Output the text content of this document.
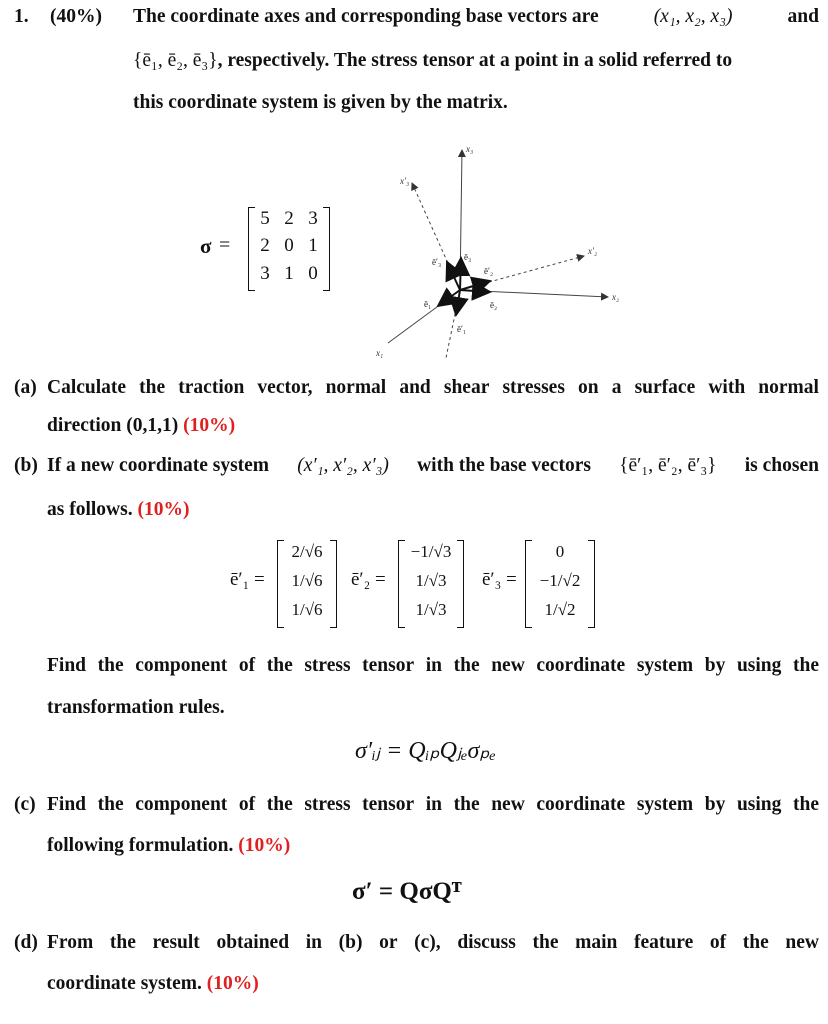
1. (40%) The coordinate axes and corresponding base vectors are	(x₁, x₂, x₃)	and
{ē₁, ē₂, ē₃}, respectively. The stress tensor at a point in a solid referred to
this coordinate system is given by the matrix.
σ =
5 2 3
2 0 1
3 1 0
x₃
x′₃
x′₂
x₂
x₁
ē′₃	ē₃
ē′₂
ē₂
ē₁
ē′₁
(a) Calculate the traction vector, normal and shear stresses on a surface with normal
direction (0,1,1) (10%)
(b) If a new coordinate system (x′₁, x′₂, x′₃) with the base vectors {ē′₁, ē′₂, ē′₃} is chosen
as follows. (10%)
ē′₁ =
2/√6
1/√6
1/√6
ē′₂ =
−1/√3
1/√3
1/√3
ē′₃ =
0
−1/√2
1/√2
Find the component of the stress tensor in the new coordinate system by using the
transformation rules.
σ′ᵢⱼ = QᵢₚQⱼₑσₚₑ
(c) Find the component of the stress tensor in the new coordinate system by using the
following formulation. (10%)
σ′ = QσQᵀ
(d) From the result obtained in (b) or (c), discuss the main feature of the new
coordinate system. (10%)
